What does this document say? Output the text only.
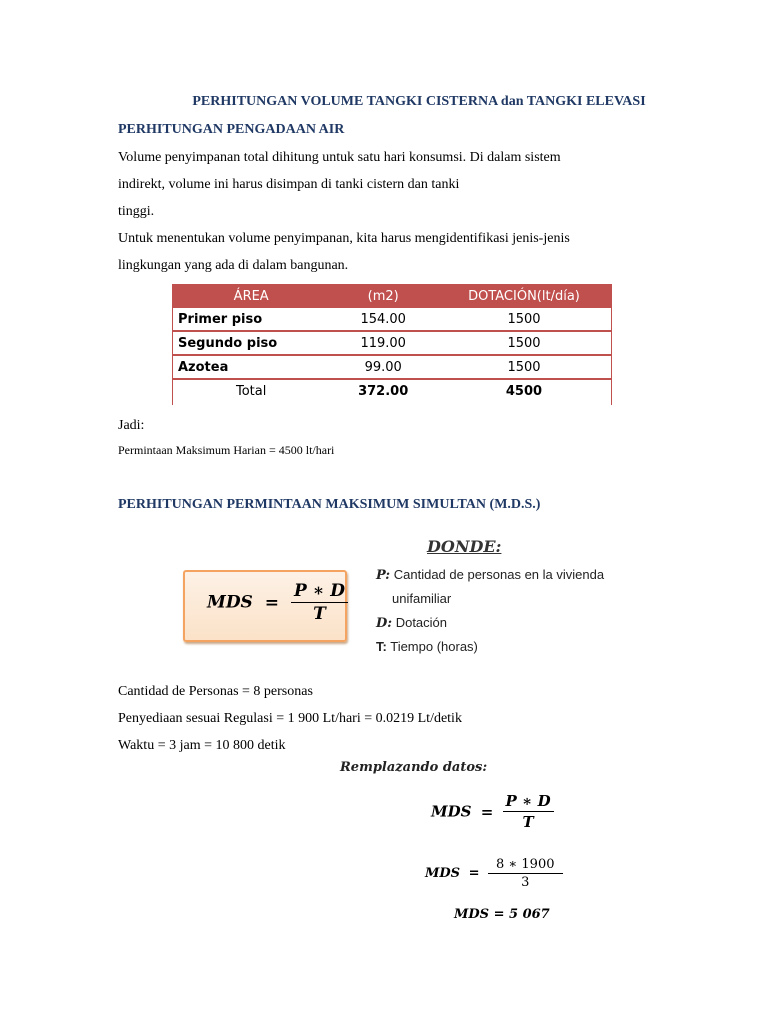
PERHITUNGAN VOLUME TANGKI CISTERNA dan TANGKI ELEVASI
PERHITUNGAN PENGADAAN AIR
Volume penyimpanan total dihitung untuk satu hari konsumsi. Di dalam sistem
indirekt, volume ini harus disimpan di tanki cistern dan tanki
tinggi.
Untuk menentukan volume penyimpanan, kita harus mengidentifikasi jenis-jenis
lingkungan yang ada di dalam bangunan.
ÁREA	(m2)	DOTACIÓN(lt/día)
Primer piso	154.00	1500
Segundo piso	119.00	1500
Azotea	99.00	1500
Total	372.00	4500
Jadi:
Permintaan Maksimum Harian = 4500 lt/hari
PERHITUNGAN PERMINTAAN MAKSIMUM SIMULTAN (M.D.S.)
MDS = $\frac{P ∗ D}{T}$
DONDE:
P: Cantidad de personas en la vivienda
unifamiliar
D: Dotación
T: Tiempo (horas)
Cantidad de Personas = 8 personas
Penyediaan sesuai Regulasi = 1 900 Lt/hari = 0.0219 Lt/detik
Waktu = 3 jam = 10 800 detik
Remplazando datos:
MDS = $\frac{P ∗ D}{T}$
MDS = $\frac{8 ∗ 1900}{3}$
MDS = 5 067
